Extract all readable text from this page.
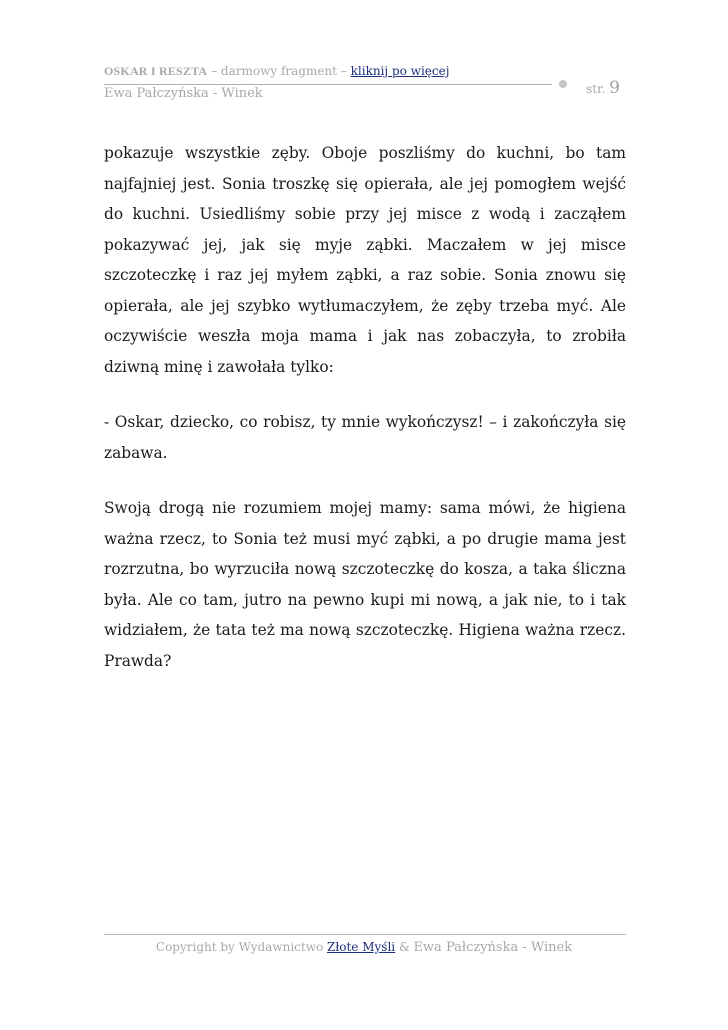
OSKAR I RESZTA – darmowy fragment – kliknij po więcej
Ewa Pałczyńska - Winek	str. 9

pokazuje wszystkie zęby. Oboje poszliśmy do kuchni, bo tam najfajniej jest. Sonia troszkę się opierała, ale jej pomogłem wejść do kuchni. Usiedliśmy sobie przy jej misce z wodą i zacząłem pokazywać jej, jak się myje ząbki. Maczałem w jej misce szczoteczkę i raz jej myłem ząbki, a raz sobie. Sonia znowu się opierała, ale jej szybko wytłumaczyłem, że zęby trzeba myć. Ale oczywiście weszła moja mama i jak nas zobaczyła, to zrobiła dziwną minę i zawołała tylko:

- Oskar, dziecko, co robisz, ty mnie wykończysz! – i zakończyła się zabawa.

Swoją drogą nie rozumiem mojej mamy: sama mówi, że higiena ważna rzecz, to Sonia też musi myć ząbki, a po drugie mama jest rozrzutna, bo wyrzuciła nową szczoteczkę do kosza, a taka śliczna była. Ale co tam, jutro na pewno kupi mi nową, a jak nie, to i tak widziałem, że tata też ma nową szczoteczkę. Higiena ważna rzecz. Prawda?

Copyright by Wydawnictwo Złote Myśli & Ewa Pałczyńska - Winek
